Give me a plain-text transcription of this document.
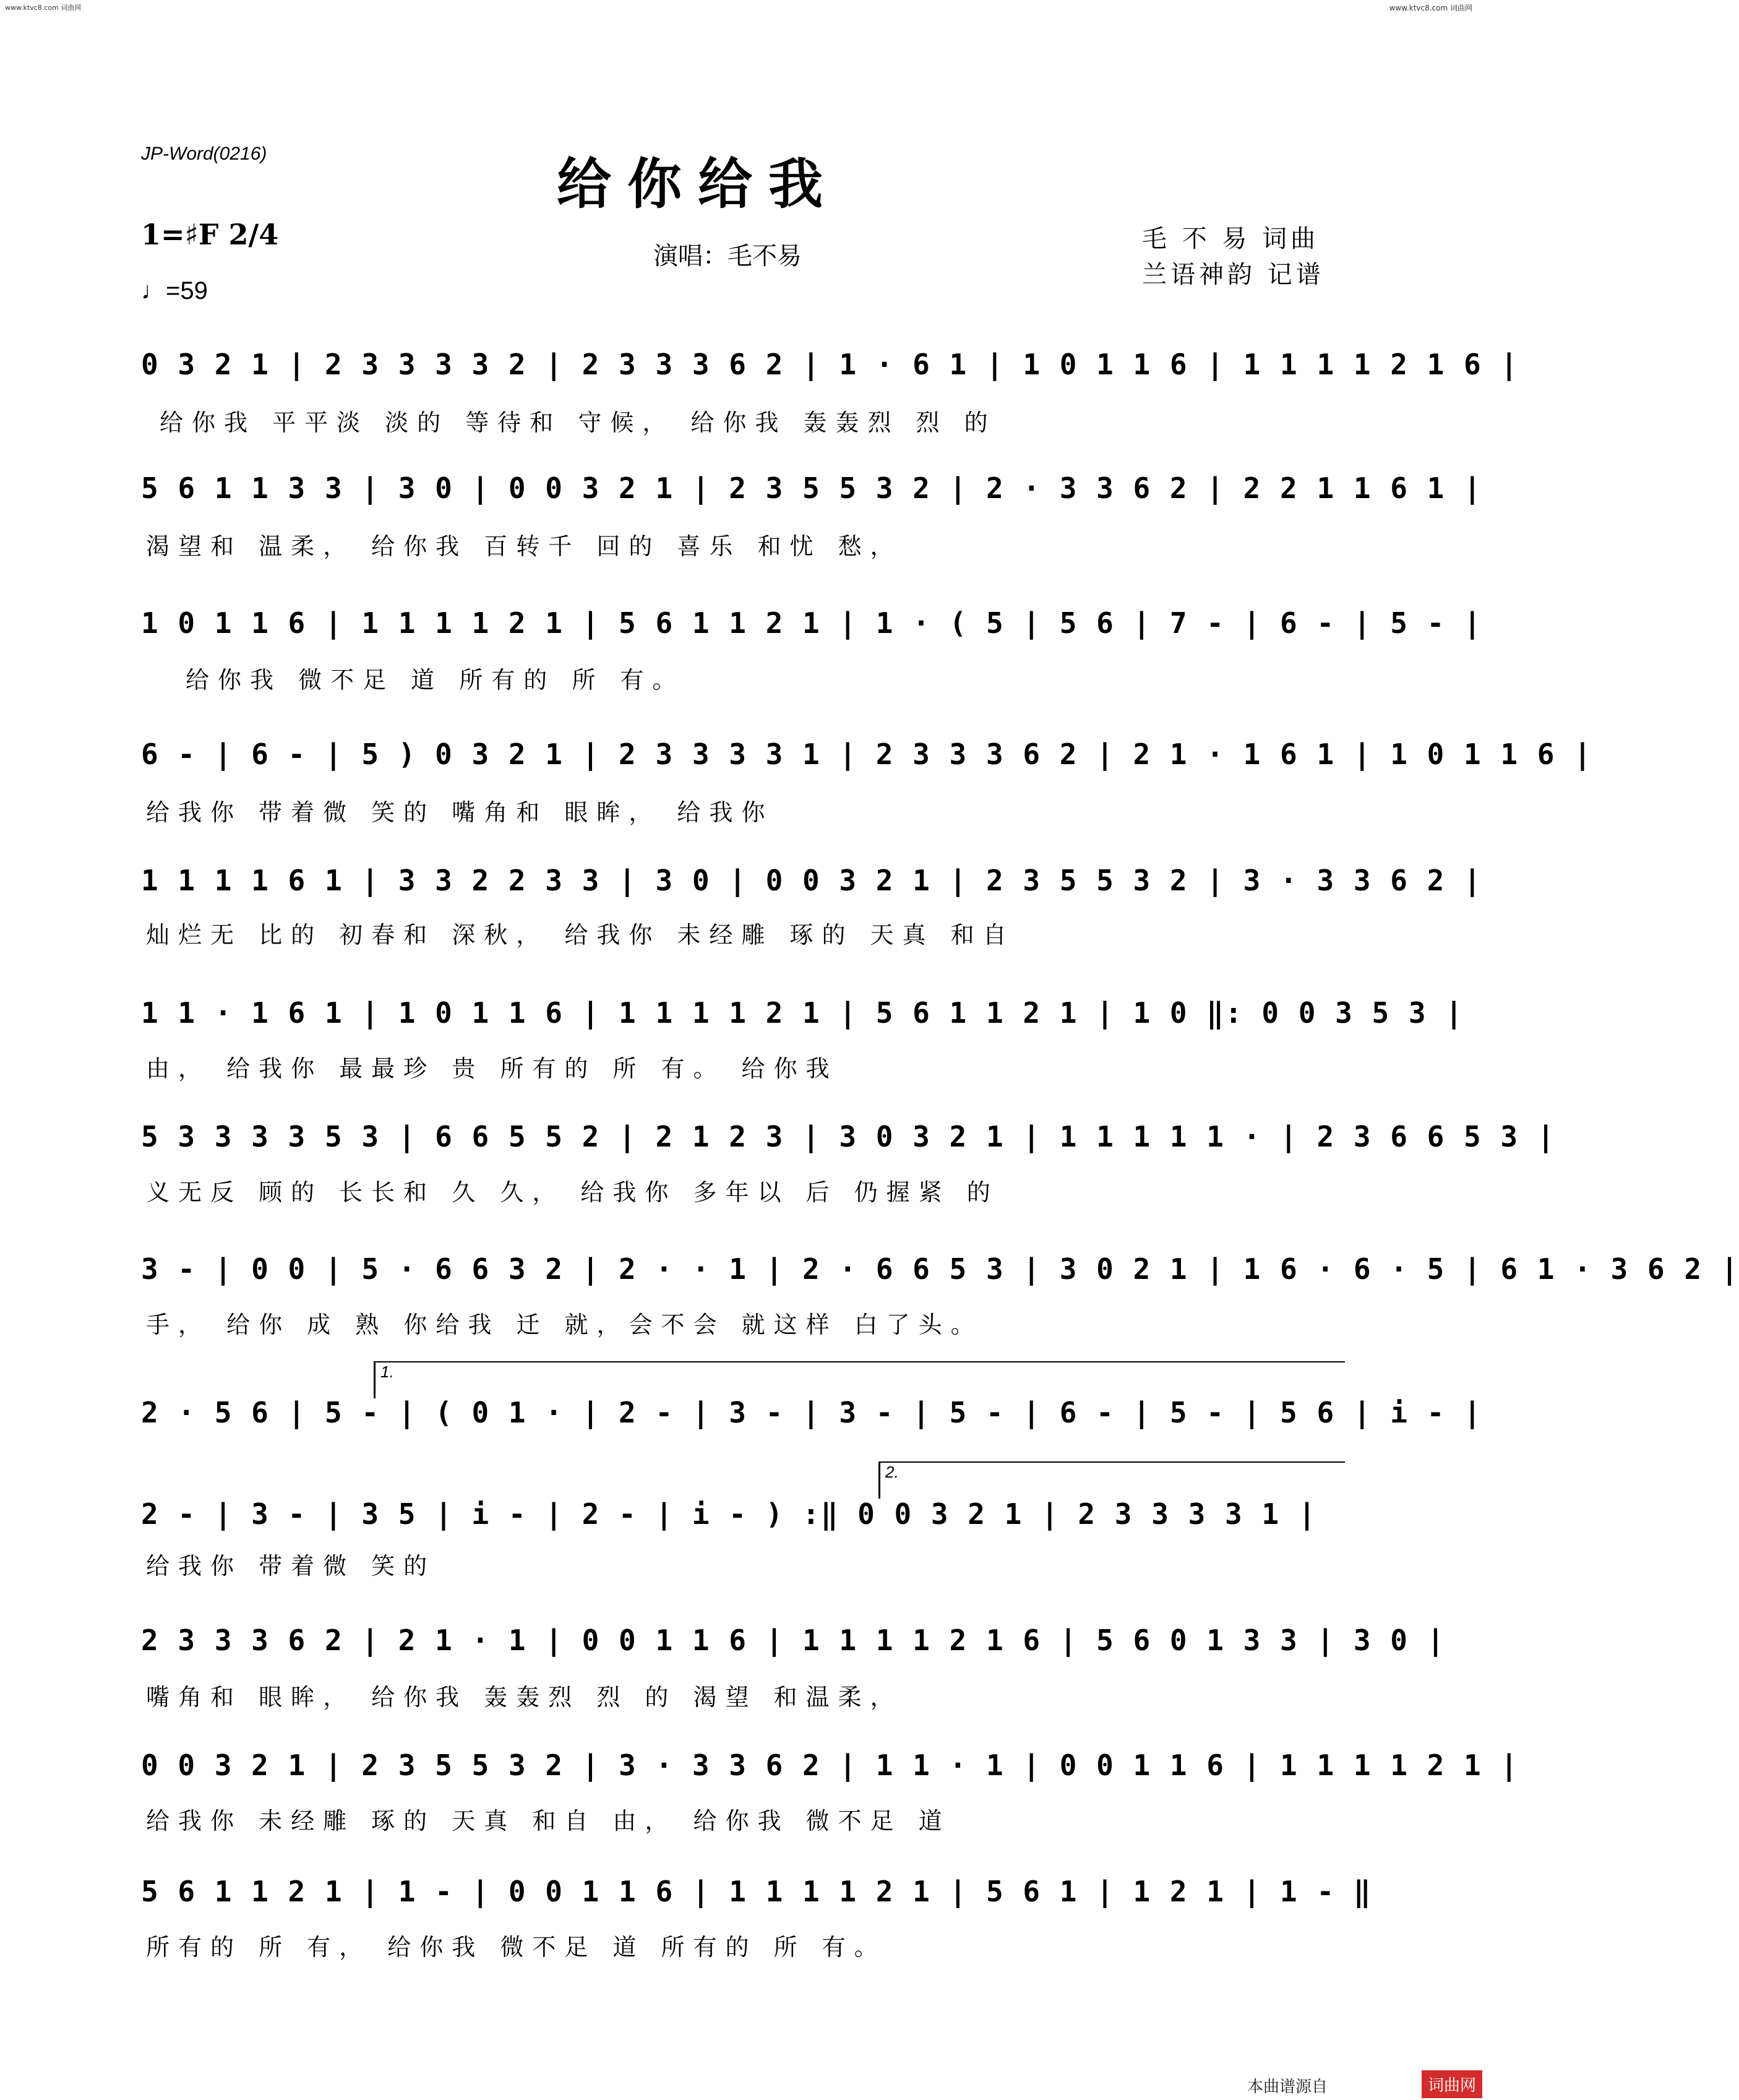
www.ktvc8.com 词曲网	www.ktvc8.com 词曲网
JP-Word(0216)	给你给我
1=♯F 2/4
♩=59
演唱：毛不易
毛 不 易 词曲
兰语神韵 记谱
0 3 2 1 | 2 3 3 3 3 2 | 2 3 3 3 6 2 | 1 · 6 1 | 1 0 1 1 6 | 1 1 1 1 2 1 6 |
给你我 平平淡 淡的 等待和 守候， 给你我 轰轰烈 烈 的
5 6 1 1 3 3 | 3 0 | 0 0 3 2 1 | 2 3 5 5 3 2 | 2 · 3 3 6 2 | 2 2 1 1 6 1 |
渴望和 温柔， 给你我 百转千 回的 喜乐 和忧 愁，
1 0 1 1 6 | 1 1 1 1 2 1 | 5 6 1 1 2 1 | 1 · ( 5 | 5 6 | 7 - | 6 - | 5 - |
给你我 微不足 道 所有的 所 有。
6 - | 6 - | 5 ) 0 3 2 1 | 2 3 3 3 3 1 | 2 3 3 3 6 2 | 2 1 · 1 6 1 | 1 0 1 1 6 |
给我你 带着微 笑的 嘴角和 眼眸， 给我你
1 1 1 1 6 1 | 3 3 2 2 3 3 | 3 0 | 0 0 3 2 1 | 2 3 5 5 3 2 | 3 · 3 3 6 2 |
灿烂无 比的 初春和 深秋， 给我你 未经雕 琢的 天真 和自
1 1 · 1 6 1 | 1 0 1 1 6 | 1 1 1 1 2 1 | 5 6 1 1 2 1 | 1 0 ‖: 0 0 3 5 3 |
由， 给我你 最最珍 贵 所有的 所 有。 给你我
5 3 3 3 3 5 3 | 6 6 5 5 2 | 2 1 2 3 | 3 0 3 2 1 | 1 1 1 1 1 · | 2 3 6 6 5 3 |
义无反 顾的 长长和 久 久， 给我你 多年以 后 仍握紧 的
3 - | 0 0 | 5 · 6 6 3 2 | 2 · · 1 | 2 · 6 6 5 3 | 3 0 2 1 | 1 6 · 6 · 5 | 6 1 · 3 6 2 |
手， 给你 成 熟 你给我 迁 就，会不会 就这样 白了头。
1.
2 · 5 6 | 5 - | ( 0 1 · | 2 - | 3 - | 3 - | 5 - | 6 - | 5 - | 5 6 | i - |
2.
2 - | 3 - | 3 5 | i - | 2 - | i - ) :‖ 0 0 3 2 1 | 2 3 3 3 3 1 |
给我你 带着微 笑的
2 3 3 3 6 2 | 2 1 · 1 | 0 0 1 1 6 | 1 1 1 1 2 1 6 | 5 6 0 1 3 3 | 3 0 |
嘴角和 眼眸， 给你我 轰轰烈 烈 的 渴望 和温柔，
0 0 3 2 1 | 2 3 5 5 3 2 | 3 · 3 3 6 2 | 1 1 · 1 | 0 0 1 1 6 | 1 1 1 1 2 1 |
给我你 未经雕 琢的 天真 和自 由， 给你我 微不足 道
5 6 1 1 2 1 | 1 - | 0 0 1 1 6 | 1 1 1 1 2 1 | 5 6 1 | 1 2 1 | 1 - ‖
所有的 所 有， 给你我 微不足 道 所有的 所 有。
本曲谱源自	词曲网
